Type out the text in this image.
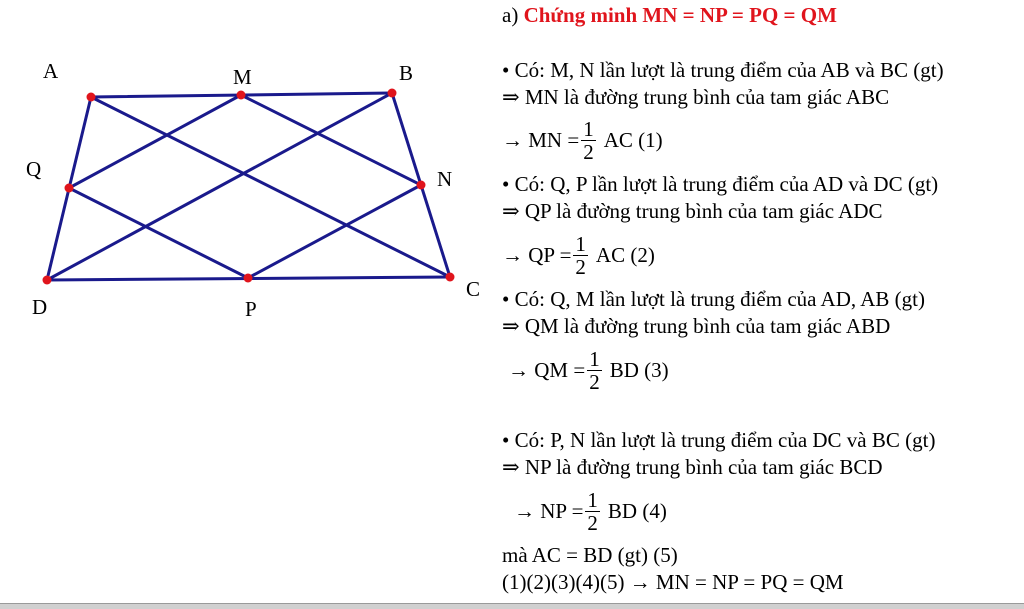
A	M	B
Q	N
D	P
C
a) Chứng minh MN = NP = PQ = QM
• Có: M, N lần lượt là trung điểm của AB và BC (gt)
⇒ MN là đường trung bình của tam giác ABC
→ MN = $\frac{1}{2}$ AC (1)
• Có: Q, P lần lượt là trung điểm của AD và DC (gt)
⇒ QP là đường trung bình của tam giác ADC
→ QP = $\frac{1}{2}$ AC (2)
• Có: Q, M lần lượt là trung điểm của AD, AB (gt)
⇒ QM là đường trung bình của tam giác ABD
→ QM = $\frac{1}{2}$ BD (3)
• Có: P, N lần lượt là trung điểm của DC và BC (gt)
⇒ NP là đường trung bình của tam giác BCD
→ NP = $\frac{1}{2}$ BD (4)
mà AC = BD (gt) (5)
(1)(2)(3)(4)(5) → MN = NP = PQ = QM
